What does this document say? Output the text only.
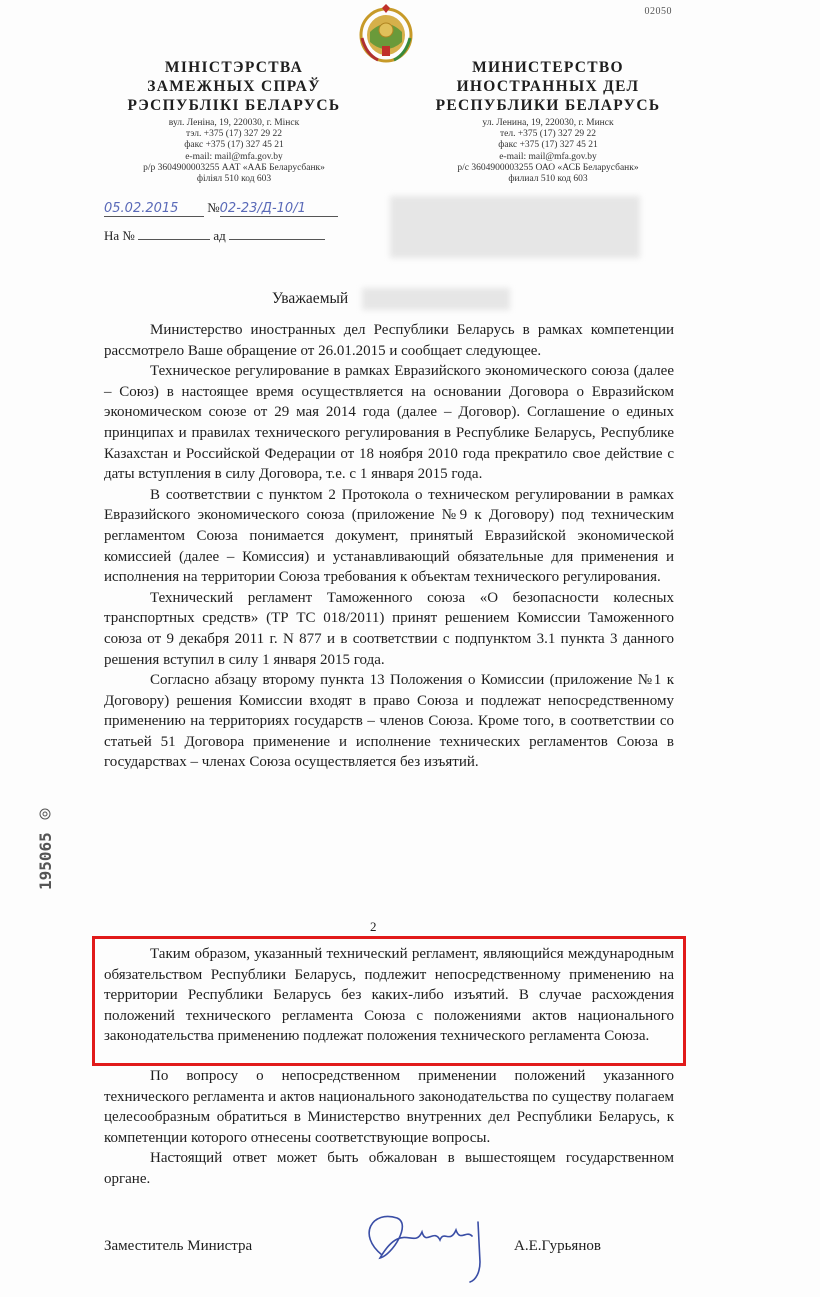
02050
МІНІСТЭРСТВА
ЗАМЕЖНЫХ СПРАЎ
РЭСПУБЛІКІ БЕЛАРУСЬ
вул. Леніна, 19, 220030, г. Мінск
тэл. +375 (17) 327 29 22
факс +375 (17) 327 45 21
e-mail: mail@mfa.gov.by
р/р 3604900003255 ААТ «ААБ Беларусбанк»
філіял 510 код 603
МИНИСТЕРСТВО
ИНОСТРАННЫХ ДЕЛ
РЕСПУБЛИКИ БЕЛАРУСЬ
ул. Ленина, 19, 220030, г. Минск
тел. +375 (17) 327 29 22
факс +375 (17) 327 45 21
e-mail: mail@mfa.gov.by
р/с 3604900003255 ОАО «АСБ Беларусбанк»
филиал 510 код 603
05.02.2015 №02-23/Д-10/1
На №	ад
Уважаемый

Министерство иностранных дел Республики Беларусь в рамках компетенции рассмотрело Ваше обращение от 26.01.2015 и сообщает следующее.

Техническое регулирование в рамках Евразийского экономического союза (далее – Союз) в настоящее время осуществляется на основании Договора о Евразийском экономическом союзе от 29 мая 2014 года (далее – Договор). Соглашение о единых принципах и правилах технического регулирования в Республике Беларусь, Республике Казахстан и Российской Федерации от 18 ноября 2010 года прекратило свое действие с даты вступления в силу Договора, т.е. с 1 января 2015 года.

В соответствии с пунктом 2 Протокола о техническом регулировании в рамках Евразийского экономического союза (приложение №9 к Договору) под техническим регламентом Союза понимается документ, принятый Евразийской экономической комиссией (далее – Комиссия) и устанавливающий обязательные для применения и исполнения на территории Союза требования к объектам технического регулирования.

Технический регламент Таможенного союза «О безопасности колесных транспортных средств» (ТР ТС 018/2011) принят решением Комиссии Таможенного союза от 9 декабря 2011 г. N 877 и в соответствии с подпунктом 3.1 пункта 3 данного решения вступил в силу 1 января 2015 года.

Согласно абзацу второму пункта 13 Положения о Комиссии (приложение №1 к Договору) решения Комиссии входят в право Союза и подлежат непосредственному применению на территориях государств – членов Союза. Кроме того, в соответствии со статьей 51 Договора применение и исполнение технических регламентов Союза в государствах – членах Союза осуществляется без изъятий.

195065
2

Таким образом, указанный технический регламент, являющийся международным обязательством Республики Беларусь, подлежит непосредственному применению на территории Республики Беларусь без каких-либо изъятий. В случае расхождения положений технического регламента Союза с положениями актов национального законодательства применению подлежат положения технического регламента Союза.

По вопросу о непосредственном применении положений указанного технического регламента и актов национального законодательства по существу полагаем целесообразным обратиться в Министерство внутренних дел Республики Беларусь, к компетенции которого отнесены соответствующие вопросы.

Настоящий ответ может быть обжалован в вышестоящем государственном органе.

Заместитель Министра	А.Е.Гурьянов
